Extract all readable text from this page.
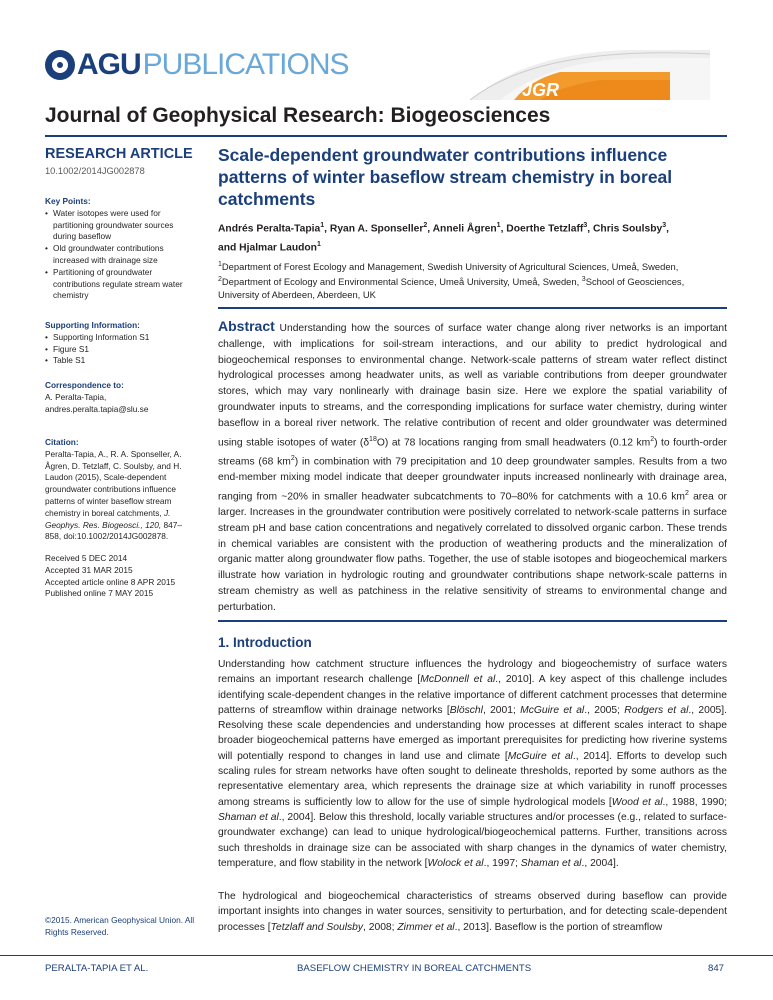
AGU PUBLICATIONS
JGR
Journal of Geophysical Research: Biogeosciences
RESEARCH ARTICLE
10.1002/2014JG002878
Key Points:
• Water isotopes were used for partitioning groundwater sources during baseflow
• Old groundwater contributions increased with drainage size
• Partitioning of groundwater contributions regulate stream water chemistry
Supporting Information:
• Supporting Information S1
• Figure S1
• Table S1
Correspondence to:
A. Peralta-Tapia,
andres.peralta.tapia@slu.se
Citation:
Peralta-Tapia, A., R. A. Sponseller, A. Ågren, D. Tetzlaff, C. Soulsby, and H. Laudon (2015), Scale-dependent groundwater contributions influence patterns of winter baseflow stream chemistry in boreal catchments, J. Geophys. Res. Biogeosci., 120, 847–858, doi:10.1002/2014JG002878.
Received 5 DEC 2014
Accepted 31 MAR 2015
Accepted article online 8 APR 2015
Published online 7 MAY 2015
©2015. American Geophysical Union. All Rights Reserved.
Scale-dependent groundwater contributions influence patterns of winter baseflow stream chemistry in boreal catchments
Andrés Peralta-Tapia$^1$, Ryan A. Sponseller$^2$, Anneli Ågren$^1$, Doerthe Tetzlaff$^3$, Chris Soulsby$^3$,
and Hjalmar Laudon$^1$
$^1$Department of Forest Ecology and Management, Swedish University of Agricultural Sciences, Umeå, Sweden, $^2$Department of Ecology and Environmental Science, Umeå University, Umeå, Sweden, $^3$School of Geosciences, University of Aberdeen, Aberdeen, UK
Abstract Understanding how the sources of surface water change along river networks is an important challenge, with implications for soil-stream interactions, and our ability to predict hydrological and biogeochemical responses to environmental change. Network-scale patterns of stream water reflect distinct hydrological processes among headwater units, as well as variable contributions from deeper groundwater stores, which may vary nonlinearly with drainage basin size. Here we explore the spatial variability of groundwater inputs to streams, and the corresponding implications for surface water chemistry, during winter baseflow in a boreal river network. The relative contribution of recent and older groundwater was determined using stable isotopes of water $(\delta^{18}O)$ at 78 locations ranging from small headwaters (0.12 $km^2$) to fourth-order streams (68 $km^2$) in combination with 79 precipitation and 10 deep groundwater samples. Results from a two end-member mixing model indicate that deeper groundwater inputs increased nonlinearly with drainage area, ranging from ~20% in smaller headwater subcatchments to 70–80% for catchments with a 10.6 $km^2$ area or larger. Increases in the groundwater contribution were positively correlated to network-scale patterns in surface stream pH and base cation concentrations and negatively correlated to dissolved organic carbon. These trends in chemical variables are consistent with the production of weathering products and the mineralization of organic matter along groundwater flow paths. Together, the use of stable isotopes and biogeochemical markers illustrate how variation in hydrologic routing and groundwater contributions shape network-scale patterns in stream chemistry as well as patchiness in the relative sensitivity of streams to environmental change and perturbation.
1. Introduction
Understanding how catchment structure influences the hydrology and biogeochemistry of surface waters remains an important research challenge [McDonnell et al., 2010]. A key aspect of this challenge includes identifying scale-dependent changes in the relative importance of different catchment processes that determine patterns of streamflow within drainage networks [Blöschl, 2001; McGuire et al., 2005; Rodgers et al., 2005]. Resolving these scale dependencies and understanding how processes at different scales interact to shape broader biogeochemical patterns have emerged as important prerequisites for predicting how riverine systems will potentially respond to changes in land use and climate [McGuire et al., 2014]. Efforts to develop such scaling rules for stream networks have often sought to delineate thresholds, reported by some authors as the representative elementary area, which represents the drainage size at which variability in runoff processes among streams is sufficiently low to allow for the use of simple hydrological models [Wood et al., 1988, 1990; Shaman et al., 2004]. Below this threshold, locally variable structures and/or processes (e.g., related to surface-groundwater exchange) can lead to unique hydrological/biogeochemical patterns. Further, transitions across such thresholds in drainage size can be associated with sharp changes in the dynamics of water chemistry, temperature, and flow stability in the network [Wolock et al., 1997; Shaman et al., 2004].
The hydrological and biogeochemical characteristics of streams observed during baseflow can provide important insights into changes in water sources, sensitivity to perturbation, and for detecting scale-dependent processes [Tetzlaff and Soulsby, 2008; Zimmer et al., 2013]. Baseflow is the portion of streamflow
PERALTA-TAPIA ET AL.	BASEFLOW CHEMISTRY IN BOREAL CATCHMENTS	847
